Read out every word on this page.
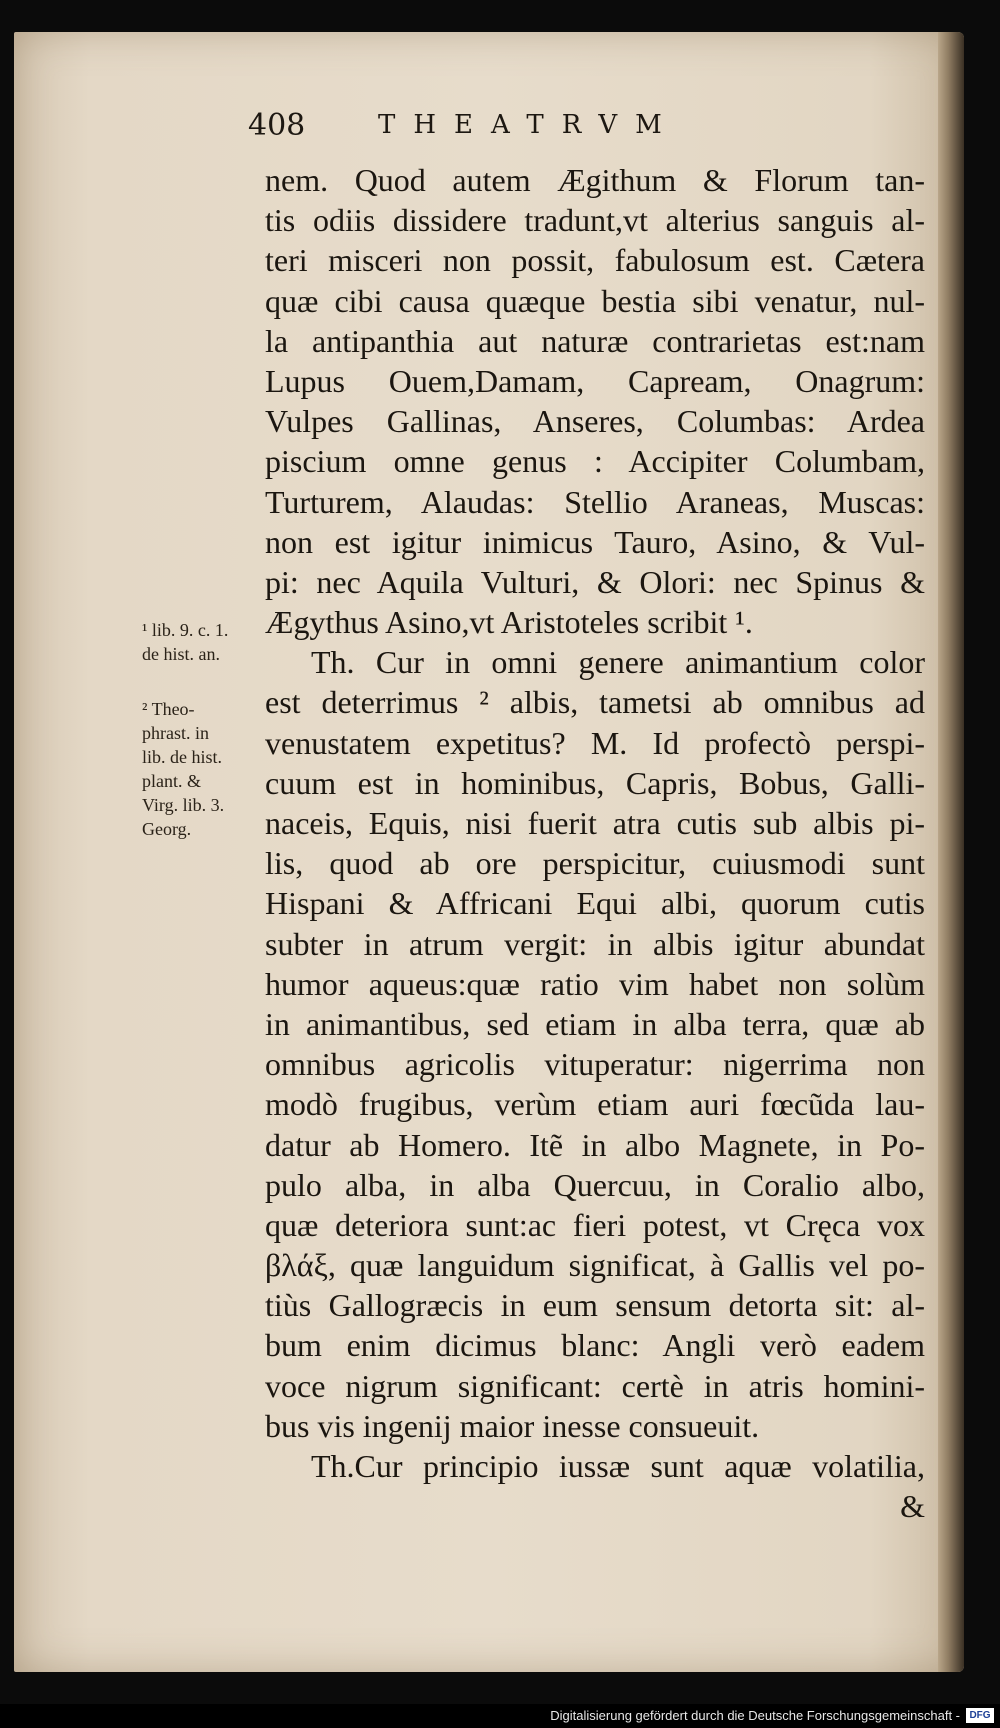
408	THEATRVM
nem. Quod autem Ægithum & Florum tan-
tis odiis dissidere tradunt,vt alterius sanguis al-
teri misceri non possit, fabulosum est. Cætera
quæ cibi causa quæque bestia sibi venatur, nul-
la antipanthia aut naturæ contrarietas est:nam
Lupus Ouem,Damam, Capream, Onagrum:
Vulpes Gallinas, Anseres, Columbas: Ardea
piscium omne genus : Accipiter Columbam,
Turturem, Alaudas: Stellio Araneas, Muscas:
non est igitur inimicus Tauro, Asino, & Vul-
pi: nec Aquila Vulturi, & Olori: nec Spinus &
Ægythus Asino,vt Aristoteles scribit ¹.
Th. Cur in omni genere animantium color
est deterrimus ² albis, tametsi ab omnibus ad
venustatem expetitus? M. Id profectò perspi-
cuum est in hominibus, Capris, Bobus, Galli-
naceis, Equis, nisi fuerit atra cutis sub albis pi-
lis, quod ab ore perspicitur, cuiusmodi sunt
Hispani & Affricani Equi albi, quorum cutis
subter in atrum vergit: in albis igitur abundat
humor aqueus:quæ ratio vim habet non solùm
in animantibus, sed etiam in alba terra, quæ ab
omnibus agricolis vituperatur: nigerrima non
modò frugibus, verùm etiam auri fœcũda lau-
datur ab Homero. Itẽ in albo Magnete, in Po-
pulo alba, in alba Quercuu, in Coralio albo,
quæ deteriora sunt:ac fieri potest, vt Cręca vox
βλάξ, quæ languidum significat, à Gallis vel po-
tiùs Gallogræcis in eum sensum detorta sit: al-
bum enim dicimus blanc: Angli verò eadem
voce nigrum significant: certè in atris homini-
bus vis ingenij maior inesse consueuit.
Th.Cur principio iussæ sunt aquæ volatilia,
&
¹ lib. 9. c. 1.
de hist. an.
² Theo-
phrast. in
lib. de hist.
plant. &
Virg. lib. 3.
Georg.
Digitalisierung gefördert durch die Deutsche Forschungsgemeinschaft - DFG
